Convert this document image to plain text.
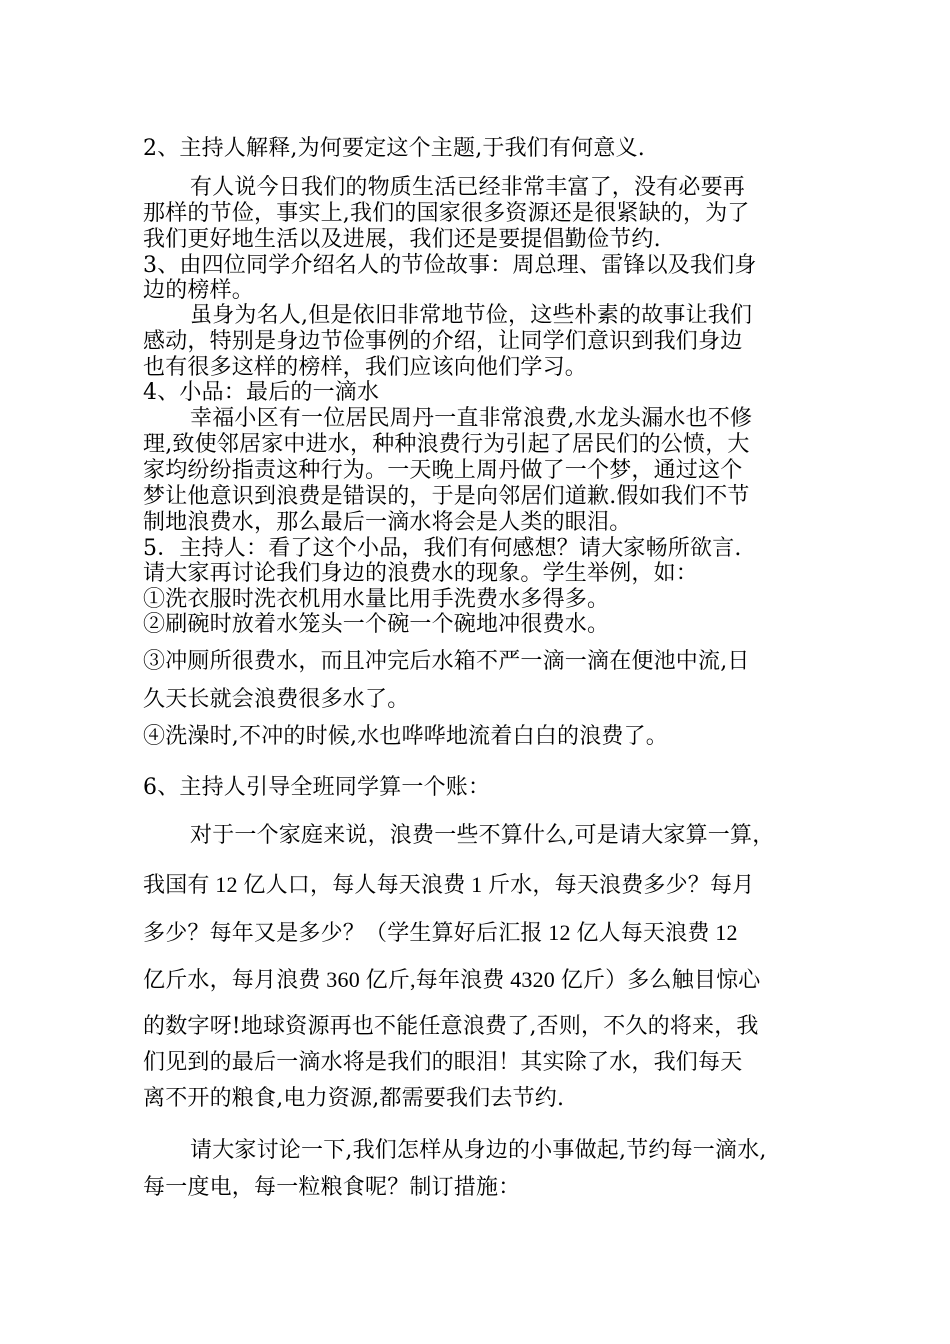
2、主持人解释,为何要定这个主题,于我们有何意义.
有人说今日我们的物质生活已经非常丰富了，没有必要再
那样的节俭，事实上,我们的国家很多资源还是很紧缺的，为了
我们更好地生活以及进展，我们还是要提倡勤俭节约.
3、由四位同学介绍名人的节俭故事：周总理、雷锋以及我们身
边的榜样。
虽身为名人,但是依旧非常地节俭，这些朴素的故事让我们
感动，特别是身边节俭事例的介绍，让同学们意识到我们身边
也有很多这样的榜样，我们应该向他们学习。
4、小品：最后的一滴水
幸福小区有一位居民周丹一直非常浪费,水龙头漏水也不修
理,致使邻居家中进水，种种浪费行为引起了居民们的公愤，大
家均纷纷指责这种行为。一天晚上周丹做了一个梦，通过这个
梦让他意识到浪费是错误的，于是向邻居们道歉.假如我们不节
制地浪费水，那么最后一滴水将会是人类的眼泪。
5．主持人：看了这个小品，我们有何感想？请大家畅所欲言.
请大家再讨论我们身边的浪费水的现象。学生举例，如：
①洗衣服时洗衣机用水量比用手洗费水多得多。
②刷碗时放着水笼头一个碗一个碗地冲很费水。
③冲厕所很费水，而且冲完后水箱不严一滴一滴在便池中流,日
久天长就会浪费很多水了。
④洗澡时,不冲的时候,水也哗哗地流着白白的浪费了。
6、主持人引导全班同学算一个账：
对于一个家庭来说，浪费一些不算什么,可是请大家算一算，
我国有 12 亿人口，每人每天浪费 1 斤水，每天浪费多少？每月
多少？每年又是多少？（学生算好后汇报 12 亿人每天浪费 12
亿斤水，每月浪费 360 亿斤,每年浪费 4320 亿斤）多么触目惊心
的数字呀!地球资源再也不能任意浪费了,否则，不久的将来，我
们见到的最后一滴水将是我们的眼泪！其实除了水，我们每天
离不开的粮食,电力资源,都需要我们去节约.
请大家讨论一下,我们怎样从身边的小事做起,节约每一滴水,
每一度电，每一粒粮食呢？制订措施：
